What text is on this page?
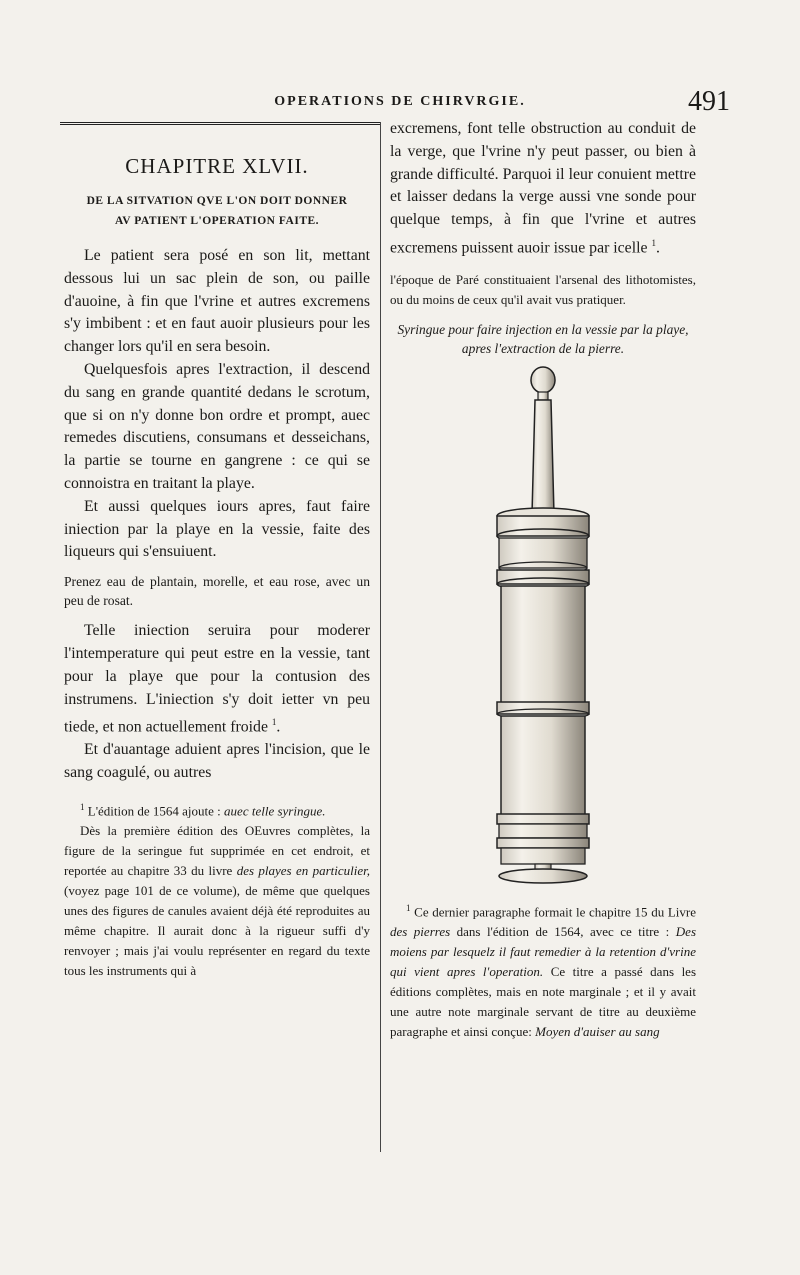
OPERATIONS DE CHIRVRGIE.	491
CHAPITRE XLVII.
DE LA SITVATION QVE L'ON DOIT DONNER
AV PATIENT L'OPERATION FAITE.

Le patient sera posé en son lit, mettant dessous lui un sac plein de son, ou paille d'auoine, à fin que l'vrine et autres excremens s'y imbibent : et en faut auoir plusieurs pour les changer lors qu'il en sera besoin.

Quelquesfois apres l'extraction, il descend du sang en grande quantité dedans le scrotum, que si on n'y donne bon ordre et prompt, auec remedes discutiens, consumans et desseichans, la partie se tourne en gangrene : ce qui se connoistra en traitant la playe.

Et aussi quelques iours apres, faut faire iniection par la playe en la vessie, faite des liqueurs qui s'ensuiuent.

Prenez eau de plantain, morelle, et eau rose, avec un peu de rosat.

Telle iniection seruira pour moderer l'intemperature qui peut estre en la vessie, tant pour la playe que pour la contusion des instrumens. L'iniection s'y doit ietter vn peu tiede, et non actuellement froide $^1$.

Et d'auantage aduient apres l'incision, que le sang coagulé, ou autres

$^1$ L'édition de 1564 ajoute : auec telle syringue.

Dès la première édition des OEuvres complètes, la figure de la seringue fut supprimée en cet endroit, et reportée au chapitre 33 du livre des playes en particulier, (voyez page 101 de ce volume), de même que quelques unes des figures de canules avaient déjà été reproduites au même chapitre. Il aurait donc à la rigueur suffi d'y renvoyer ; mais j'ai voulu représenter en regard du texte tous les instruments qui à

excremens, font telle obstruction au conduit de la verge, que l'vrine n'y peut passer, ou bien à grande difficulté. Parquoi il leur conuient mettre et laisser dedans la verge aussi vne sonde pour quelque temps, à fin que l'vrine et autres excremens puissent auoir issue par icelle $^1$.

l'époque de Paré constituaient l'arsenal des lithotomistes, ou du moins de ceux qu'il avait vus pratiquer.

Syringue pour faire injection en la vessie par la playe, apres l'extraction de la pierre.

$^1$ Ce dernier paragraphe formait le chapitre 15 du Livre des pierres dans l'édition de 1564, avec ce titre : Des moiens par lesquelz il faut remedier à la retention d'vrine qui vient apres l'operation. Ce titre a passé dans les éditions complètes, mais en note marginale ; et il y avait une autre note marginale servant de titre au deuxième paragraphe et ainsi conçue: Moyen d'auiser au sang
